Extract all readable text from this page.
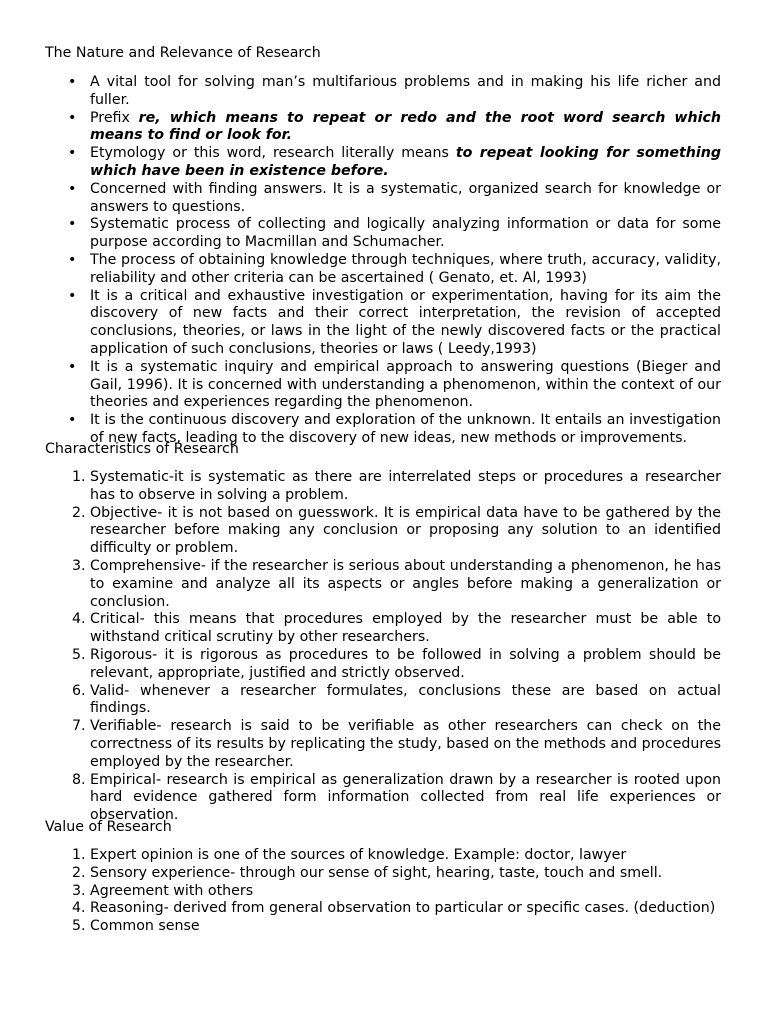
The Nature and Relevance of Research
• A vital tool for solving man’s multifarious problems and in making his life richer and fuller.
• Prefix re, which means to repeat or redo and the root word search which means to find or look for.
• Etymology or this word, research literally means to repeat looking for something which have been in existence before.
• Concerned with finding answers. It is a systematic, organized search for knowledge or answers to questions.
• Systematic process of collecting and logically analyzing information or data for some purpose according to Macmillan and Schumacher.
• The process of obtaining knowledge through techniques, where truth, accuracy, validity, reliability and other criteria can be ascertained ( Genato, et. Al, 1993)
• It is a critical and exhaustive investigation or experimentation, having for its aim the discovery of new facts and their correct interpretation, the revision of accepted conclusions, theories, or laws in the light of the newly discovered facts or the practical application of such conclusions, theories or laws ( Leedy,1993)
• It is a systematic inquiry and empirical approach to answering questions (Bieger and Gail, 1996). It is concerned with understanding a phenomenon, within the context of our theories and experiences regarding the phenomenon.
• It is the continuous discovery and exploration of the unknown. It entails an investigation of new facts, leading to the discovery of new ideas, new methods or improvements.
Characteristics of Research
1. Systematic-it is systematic as there are interrelated steps or procedures a researcher has to observe in solving a problem.
2. Objective- it is not based on guesswork. It is empirical data have to be gathered by the researcher before making any conclusion or proposing any solution to an identified difficulty or problem.
3. Comprehensive- if the researcher is serious about understanding a phenomenon, he has to examine and analyze all its aspects or angles before making a generalization or conclusion.
4. Critical- this means that procedures employed by the researcher must be able to withstand critical scrutiny by other researchers.
5. Rigorous- it is rigorous as procedures to be followed in solving a problem should be relevant, appropriate, justified and strictly observed.
6. Valid- whenever a researcher formulates, conclusions these are based on actual findings.
7. Verifiable- research is said to be verifiable as other researchers can check on the correctness of its results by replicating the study, based on the methods and procedures employed by the researcher.
8. Empirical- research is empirical as generalization drawn by a researcher is rooted upon hard evidence gathered form information collected from real life experiences or observation.
Value of Research
1. Expert opinion is one of the sources of knowledge. Example: doctor, lawyer
2. Sensory experience- through our sense of sight, hearing, taste, touch and smell.
3. Agreement with others
4. Reasoning- derived from general observation to particular or specific cases. (deduction)
5. Common sense
